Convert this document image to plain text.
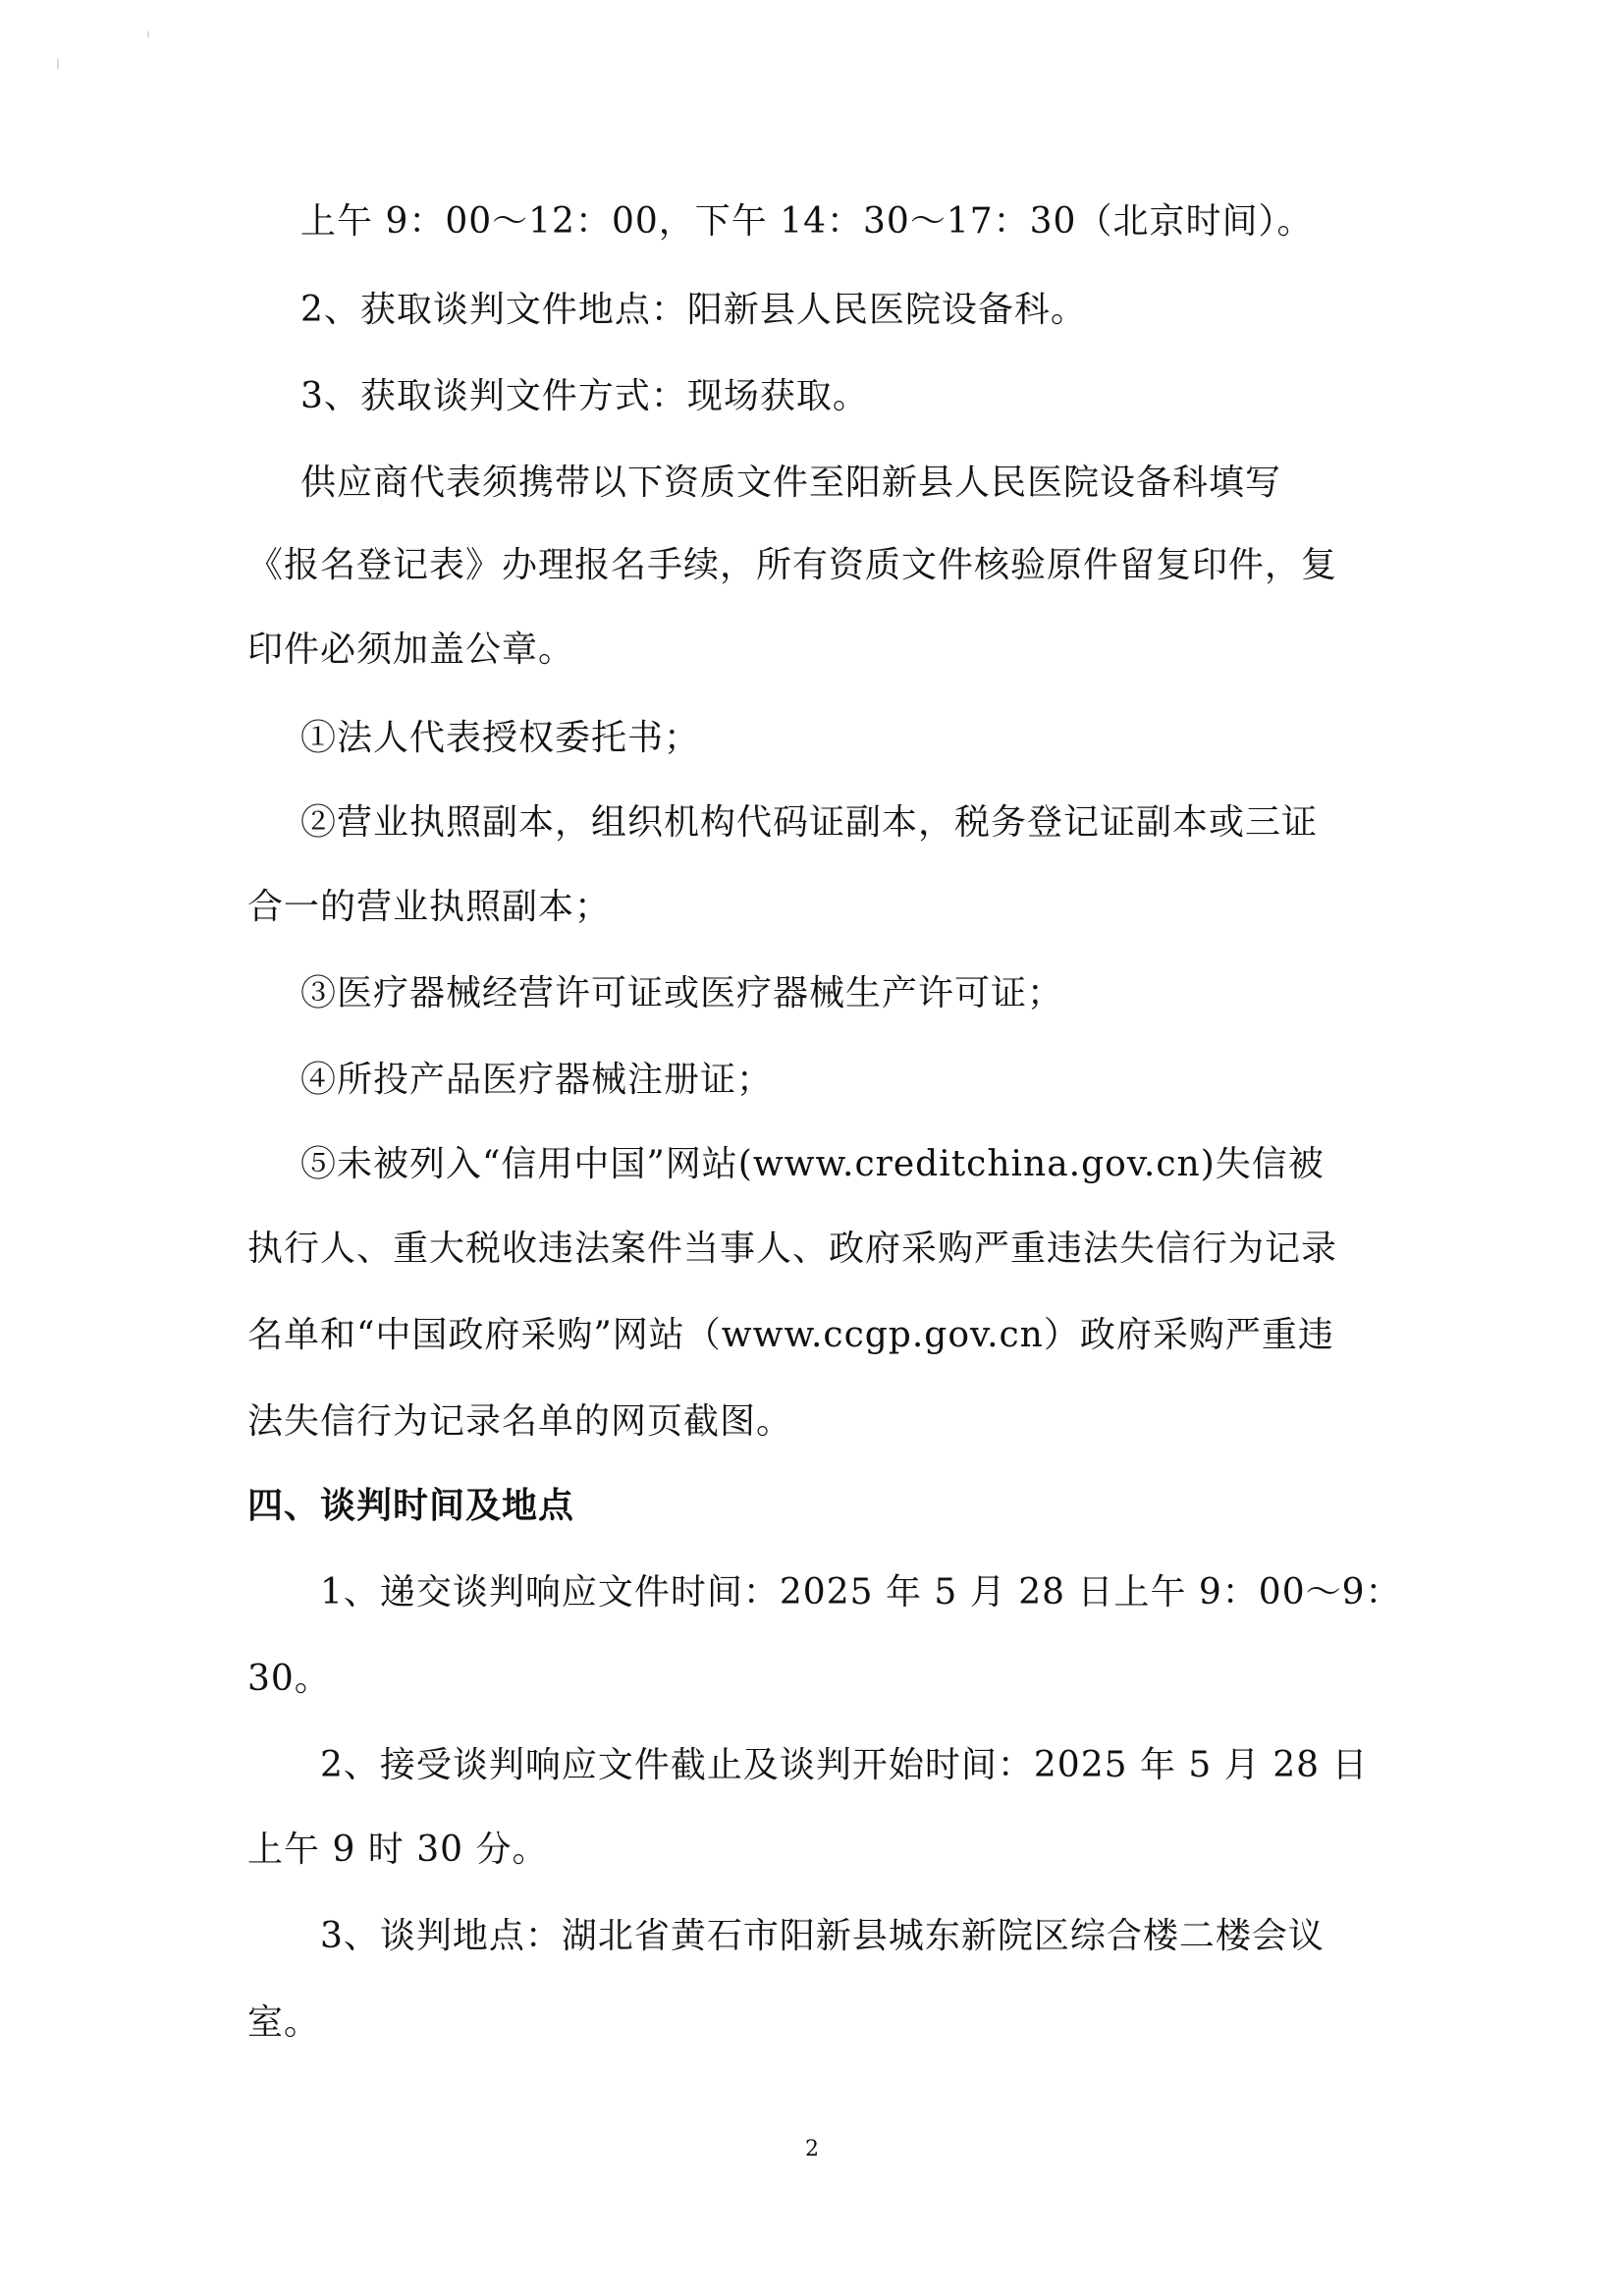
上午 9：00～12：00，下午 14：30～17：30（北京时间）。
2、获取谈判文件地点：阳新县人民医院设备科。
3、获取谈判文件方式：现场获取。
供应商代表须携带以下资质文件至阳新县人民医院设备科填写
《报名登记表》办理报名手续，所有资质文件核验原件留复印件，复
印件必须加盖公章。
①法人代表授权委托书；
②营业执照副本，组织机构代码证副本，税务登记证副本或三证
合一的营业执照副本；
③医疗器械经营许可证或医疗器械生产许可证；
④所投产品医疗器械注册证；
⑤未被列入“信用中国”网站(www.creditchina.gov.cn)失信被
执行人、重大税收违法案件当事人、政府采购严重违法失信行为记录
名单和“中国政府采购”网站（www.ccgp.gov.cn）政府采购严重违
法失信行为记录名单的网页截图。
四、谈判时间及地点
1、递交谈判响应文件时间：2025 年 5 月 28 日上午 9：00～9：
30。
2、接受谈判响应文件截止及谈判开始时间：2025 年 5 月 28 日
上午 9 时 30 分。
3、谈判地点：湖北省黄石市阳新县城东新院区综合楼二楼会议
室。
2
